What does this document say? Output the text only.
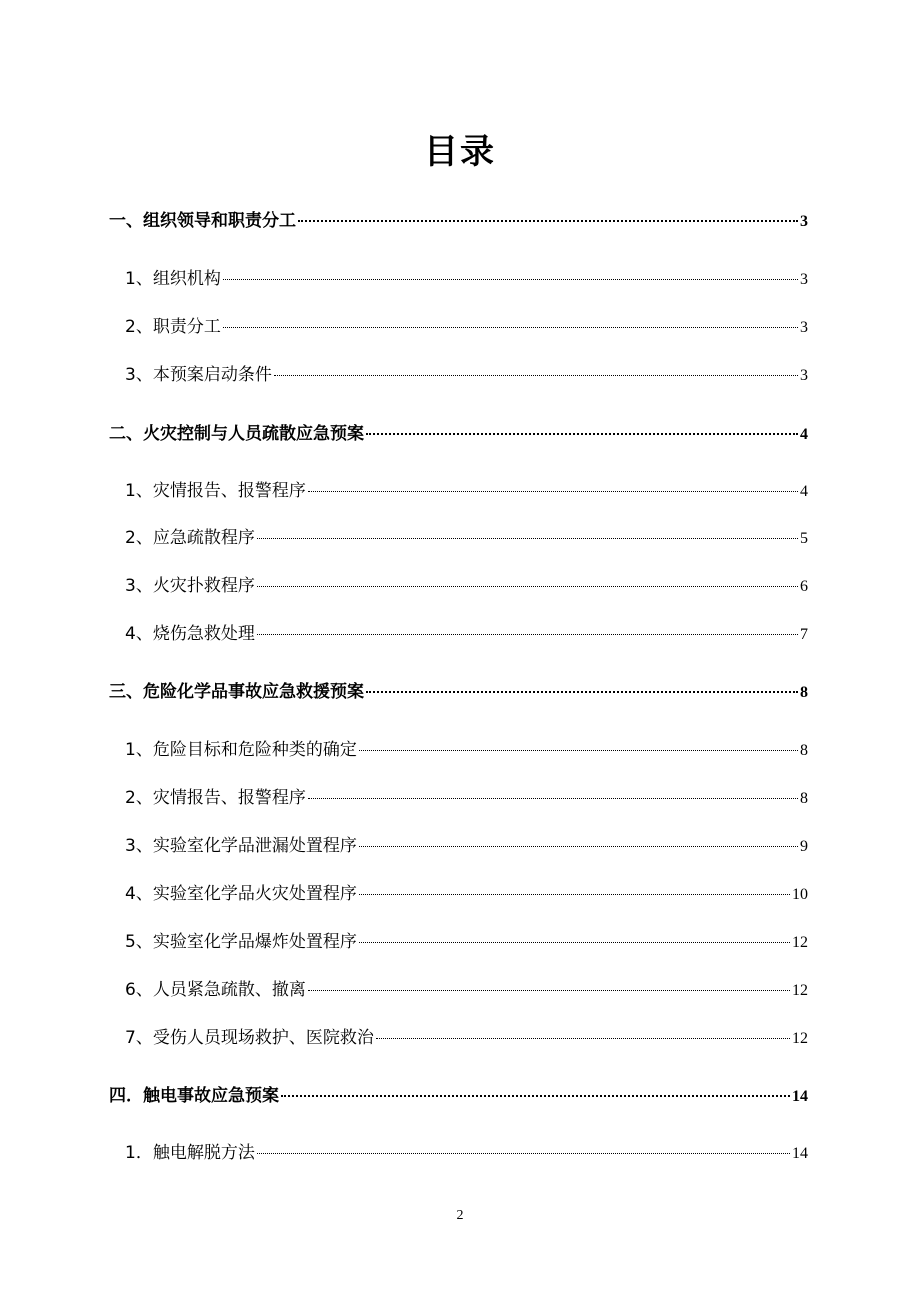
目录
一、组织领导和职责分工	3
1、组织机构	3
2、职责分工	3
3、本预案启动条件	3
二、火灾控制与人员疏散应急预案	4
1、灾情报告、报警程序	4
2、应急疏散程序	5
3、火灾扑救程序	6
4、烧伤急救处理	7
三、危险化学品事故应急救援预案	8
1、危险目标和危险种类的确定	8
2、灾情报告、报警程序	8
3、实验室化学品泄漏处置程序	9
4、实验室化学品火灾处置程序	10
5、实验室化学品爆炸处置程序	12
6、人员紧急疏散、撤离	12
7、受伤人员现场救护、医院救治	12
四．触电事故应急预案	14
1．触电解脱方法	14
2
